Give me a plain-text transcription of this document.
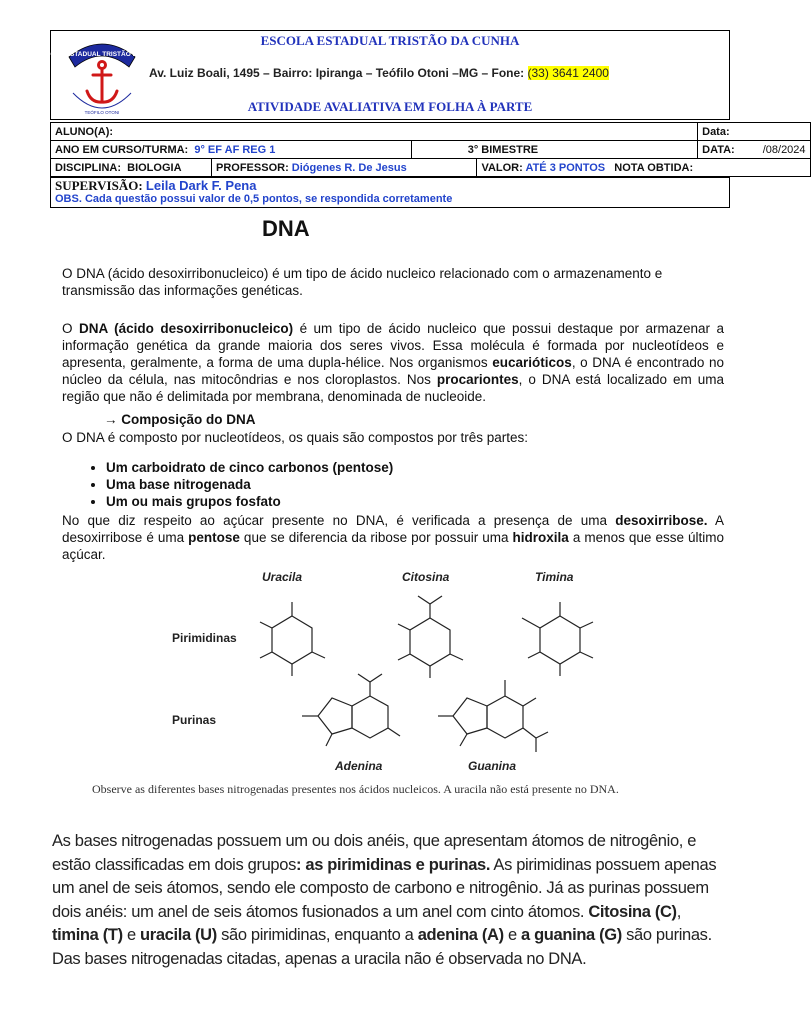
ESCOLA ESTADUAL TRISTÃO DA CUNHA
TEÓFILO OTONI
ESCOLA ESTADUAL TRISTÃO DA CUNHA
Av. Luiz Boali, 1495 – Bairro: Ipiranga – Teófilo Otoni –MG – Fone: (33) 3641 2400
ATIVIDADE AVALIATIVA EM FOLHA À PARTE
ALUNO(A):				Data:
ANO EM CURSO/TURMA: 9° EF AF REG 1		3° BIMESTRE		DATA: /08/2024
DISCIPLINA: BIOLOGIA	PROFESSOR: Diógenes R. De Jesus		VALOR: ATÉ 3 PONTOS NOTA OBTIDA:	
SUPERVISÃO: Leila Dark F. Pena
OBS. Cada questão possui valor de 0,5 pontos, se respondida corretamente
DNA
O DNA (ácido desoxirribonucleico) é um tipo de ácido nucleico relacionado com o armazenamento e transmissão das informações genéticas.
O DNA (ácido desoxirribonucleico) é um tipo de ácido nucleico que possui destaque por armazenar a informação genética da grande maioria dos seres vivos. Essa molécula é formada por nucleotídeos e apresenta, geralmente, a forma de uma dupla-hélice. Nos organismos eucarióticos, o DNA é encontrado no núcleo da célula, nas mitocôndrias e nos cloroplastos. Nos procariontes, o DNA está localizado em uma região que não é delimitada por membrana, denominada de nucleoide.
→ Composição do DNA
O DNA é composto por nucleotídeos, os quais são compostos por três partes:
• Um carboidrato de cinco carbonos (pentose)
• Uma base nitrogenada
• Um ou mais grupos fosfato
No que diz respeito ao açúcar presente no DNA, é verificada a presença de uma desoxirribose. A desoxirribose é uma pentose que se diferencia da ribose por possuir uma hidroxila a menos que esse último açúcar.
Uracila	Citosina	Timina
Adenina	Guanina
Pirimidinas
Purinas
Observe as diferentes bases nitrogenadas presentes nos ácidos nucleicos. A uracila não está presente no DNA.
As bases nitrogenadas possuem um ou dois anéis, que apresentam átomos de nitrogênio, e estão classificadas em dois grupos: as pirimidinas e purinas. As pirimidinas possuem apenas um anel de seis átomos, sendo ele composto de carbono e nitrogênio. Já as purinas possuem dois anéis: um anel de seis átomos fusionados a um anel com cinto átomos. Citosina (C), timina (T) e uracila (U) são pirimidinas, enquanto a adenina (A) e a guanina (G) são purinas. Das bases nitrogenadas citadas, apenas a uracila não é observada no DNA.
